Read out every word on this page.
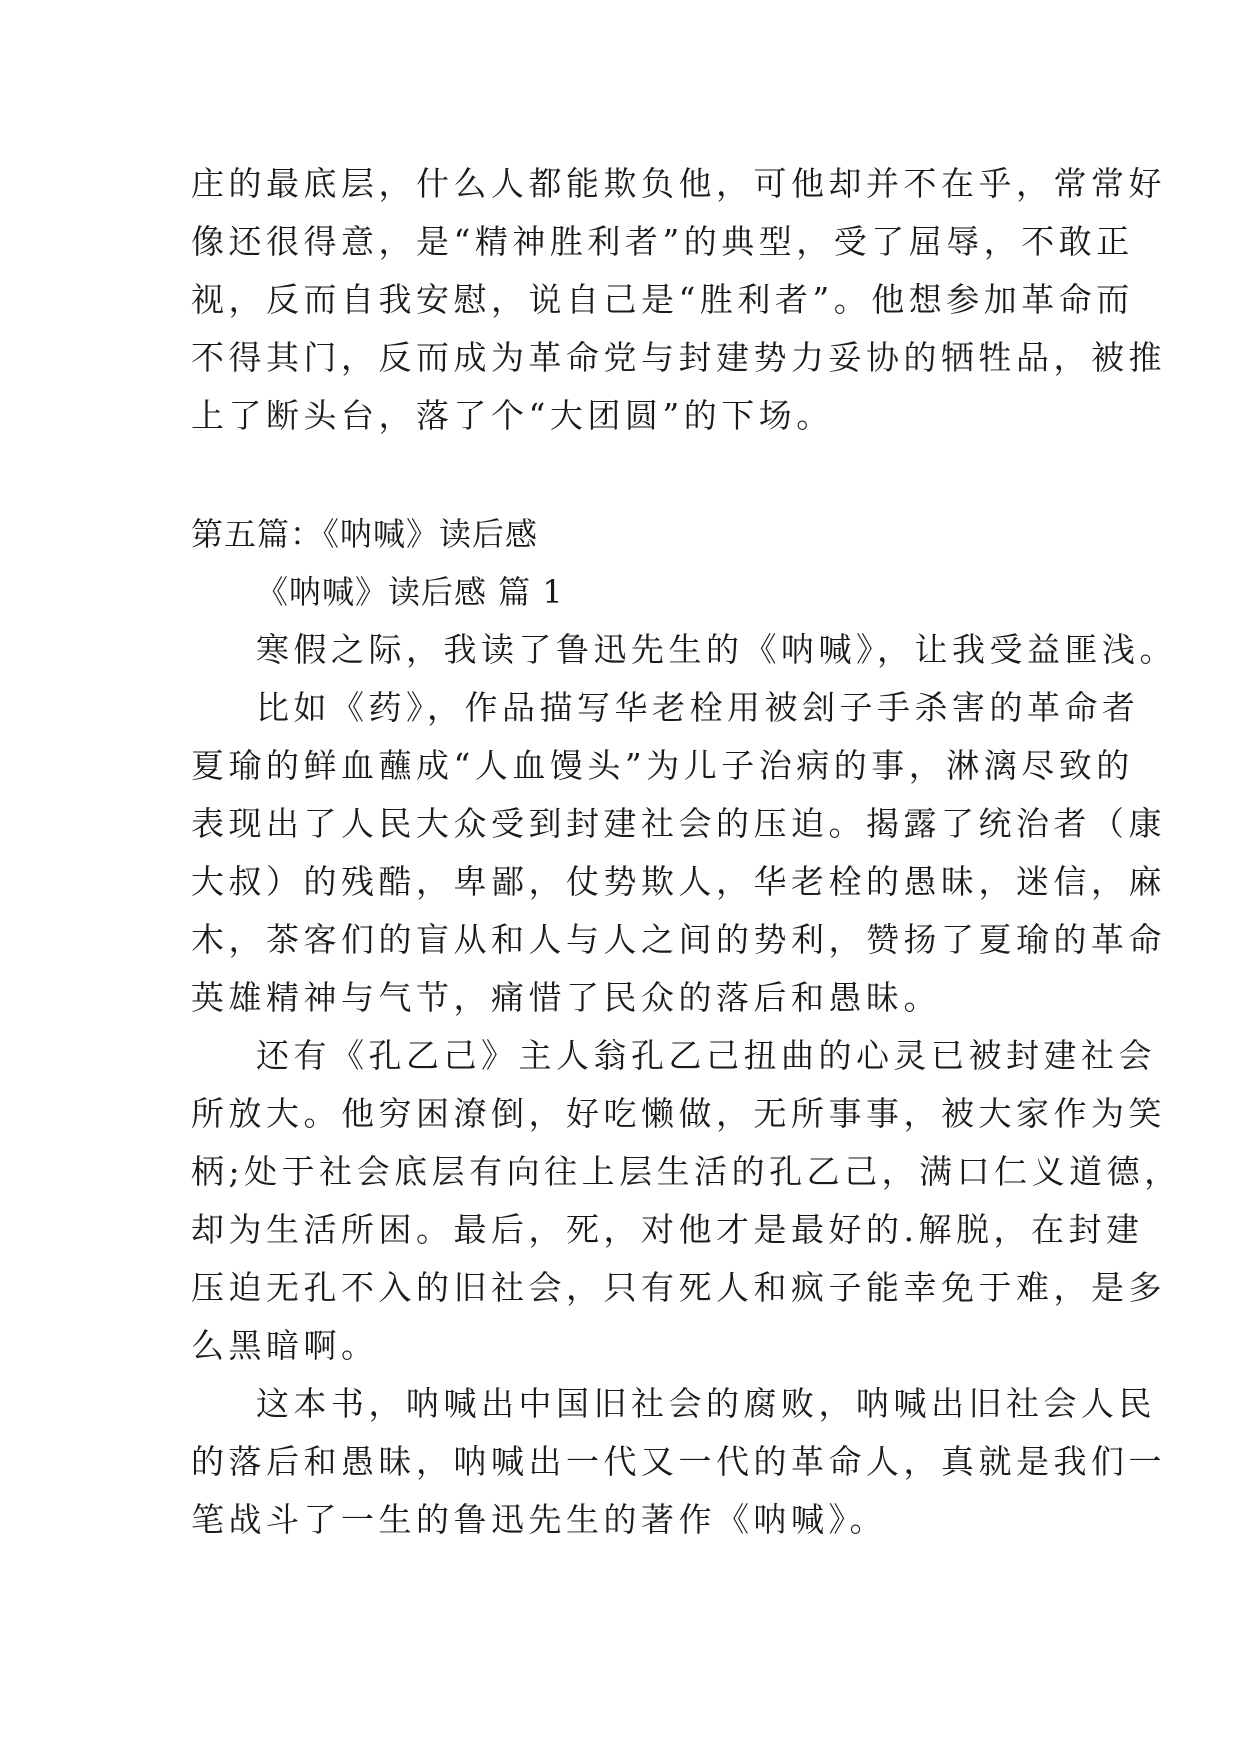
庄的最底层，什么人都能欺负他，可他却并不在乎，常常好
像还很得意，是“精神胜利者”的典型，受了屈辱，不敢正
视，反而自我安慰，说自己是“胜利者”。他想参加革命而
不得其门，反而成为革命党与封建势力妥协的牺牲品，被推
上了断头台，落了个“大团圆”的下场。
第五篇：《呐喊》读后感
《呐喊》读后感 篇 1
寒假之际，我读了鲁迅先生的《呐喊》，让我受益匪浅。
比如《药》，作品描写华老栓用被刽子手杀害的革命者
夏瑜的鲜血蘸成“人血馒头”为儿子治病的事，淋漓尽致的
表现出了人民大众受到封建社会的压迫。揭露了统治者（康
大叔）的残酷，卑鄙，仗势欺人，华老栓的愚昧，迷信，麻
木，茶客们的盲从和人与人之间的势利，赞扬了夏瑜的革命
英雄精神与气节，痛惜了民众的落后和愚昧。
还有《孔乙己》主人翁孔乙己扭曲的心灵已被封建社会
所放大。他穷困潦倒，好吃懒做，无所事事，被大家作为笑
柄;处于社会底层有向往上层生活的孔乙己，满口仁义道德，
却为生活所困。最后，死，对他才是最好的.解脱，在封建
压迫无孔不入的旧社会，只有死人和疯子能幸免于难，是多
么黑暗啊。
这本书，呐喊出中国旧社会的腐败，呐喊出旧社会人民
的落后和愚昧，呐喊出一代又一代的革命人，真就是我们一
笔战斗了一生的鲁迅先生的著作《呐喊》。
